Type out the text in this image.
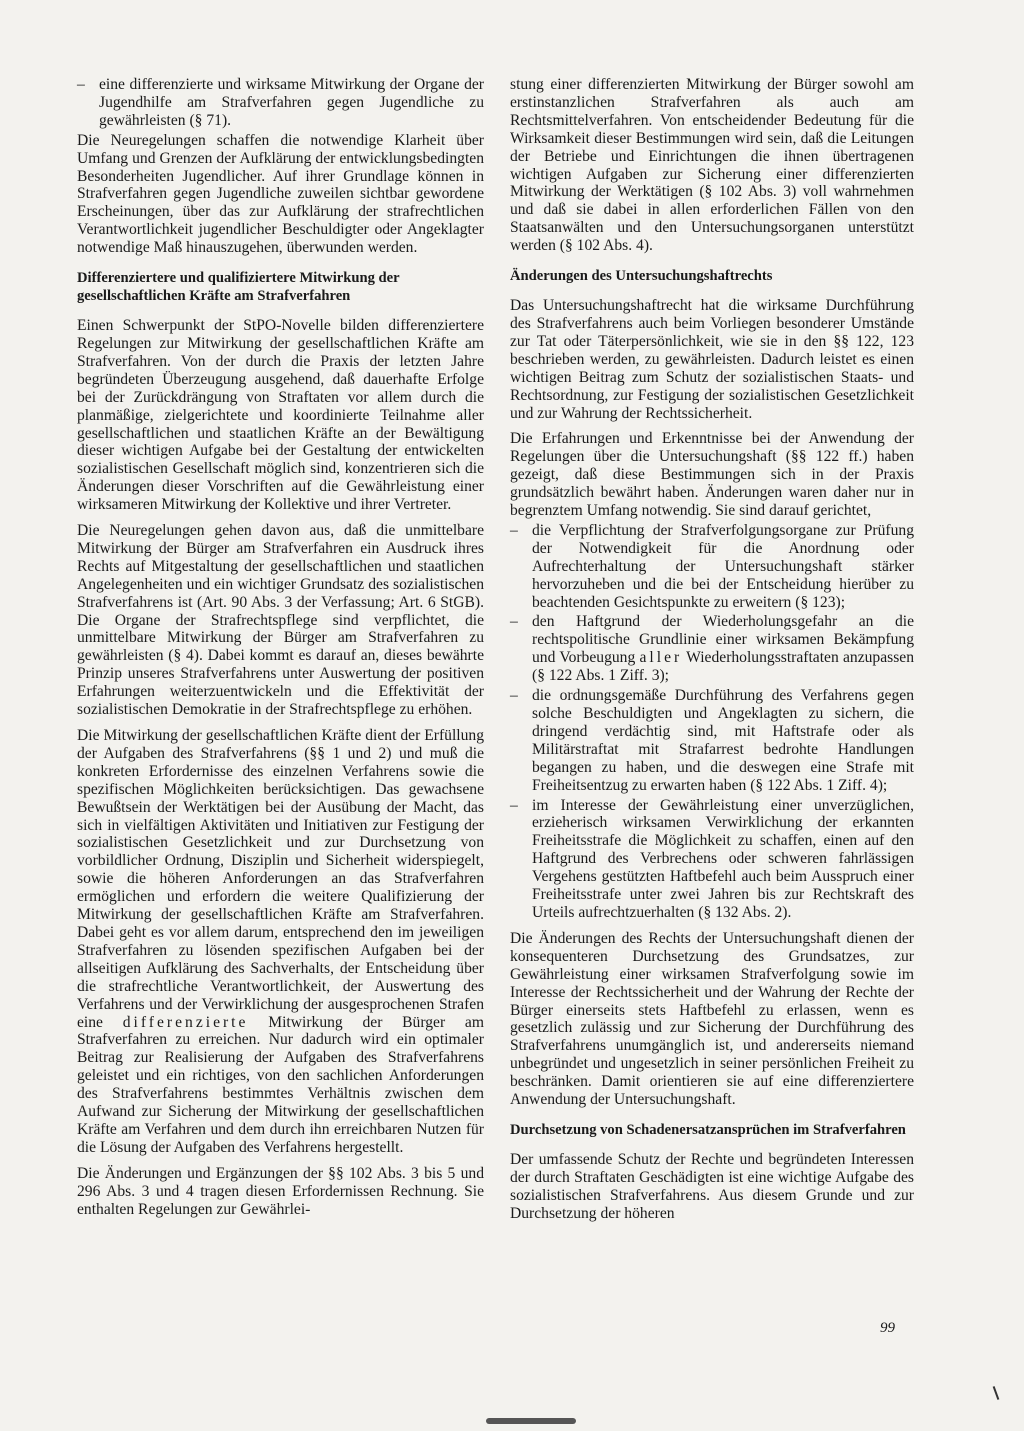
– eine differenzierte und wirksame Mitwirkung der Organe der Jugendhilfe am Strafverfahren gegen Jugendliche zu gewährleisten (§ 71).

Die Neuregelungen schaffen die notwendige Klarheit über Umfang und Grenzen der Aufklärung der entwicklungsbedingten Besonderheiten Jugendlicher. Auf ihrer Grundlage können in Strafverfahren gegen Jugendliche zuweilen sichtbar gewordene Erscheinungen, über das zur Aufklärung der strafrechtlichen Verantwortlichkeit jugendlicher Beschuldigter oder Angeklagter notwendige Maß hinauszugehen, überwunden werden.

Differenziertere und qualifiziertere Mitwirkung der gesellschaftlichen Kräfte am Strafverfahren

Einen Schwerpunkt der StPO-Novelle bilden differenziertere Regelungen zur Mitwirkung der gesellschaftlichen Kräfte am Strafverfahren. Von der durch die Praxis der letzten Jahre begründeten Überzeugung ausgehend, daß dauerhafte Erfolge bei der Zurückdrängung von Straftaten vor allem durch die planmäßige, zielgerichtete und koordinierte Teilnahme aller gesellschaftlichen und staatlichen Kräfte an der Bewältigung dieser wichtigen Aufgabe bei der Gestaltung der entwickelten sozialistischen Gesellschaft möglich sind, konzentrieren sich die Änderungen dieser Vorschriften auf die Gewährleistung einer wirksameren Mitwirkung der Kollektive und ihrer Vertreter.

Die Neuregelungen gehen davon aus, daß die unmittelbare Mitwirkung der Bürger am Strafverfahren ein Ausdruck ihres Rechts auf Mitgestaltung der gesellschaftlichen und staatlichen Angelegenheiten und ein wichtiger Grundsatz des sozialistischen Strafverfahrens ist (Art. 90 Abs. 3 der Verfassung; Art. 6 StGB). Die Organe der Strafrechtspflege sind verpflichtet, die unmittelbare Mitwirkung der Bürger am Strafverfahren zu gewährleisten (§ 4). Dabei kommt es darauf an, dieses bewährte Prinzip unseres Strafverfahrens unter Auswertung der positiven Erfahrungen weiterzuentwickeln und die Effektivität der sozialistischen Demokratie in der Strafrechtspflege zu erhöhen.

Die Mitwirkung der gesellschaftlichen Kräfte dient der Erfüllung der Aufgaben des Strafverfahrens (§§ 1 und 2) und muß die konkreten Erfordernisse des einzelnen Verfahrens sowie die spezifischen Möglichkeiten berücksichtigen. Das gewachsene Bewußtsein der Werktätigen bei der Ausübung der Macht, das sich in vielfältigen Aktivitäten und Initiativen zur Festigung der sozialistischen Gesetzlichkeit und zur Durchsetzung von vorbildlicher Ordnung, Disziplin und Sicherheit widerspiegelt, sowie die höheren Anforderungen an das Strafverfahren ermöglichen und erfordern die weitere Qualifizierung der Mitwirkung der gesellschaftlichen Kräfte am Strafverfahren. Dabei geht es vor allem darum, entsprechend den im jeweiligen Strafverfahren zu lösenden spezifischen Aufgaben bei der allseitigen Aufklärung des Sachverhalts, der Entscheidung über die strafrechtliche Verantwortlichkeit, der Auswertung des Verfahrens und der Verwirklichung der ausgesprochenen Strafen eine differenzierte Mitwirkung der Bürger am Strafverfahren zu erreichen. Nur dadurch wird ein optimaler Beitrag zur Realisierung der Aufgaben des Strafverfahrens geleistet und ein richtiges, von den sachlichen Anforderungen des Strafverfahrens bestimmtes Verhältnis zwischen dem Aufwand zur Sicherung der Mitwirkung der gesellschaftlichen Kräfte am Verfahren und dem durch ihn erreichbaren Nutzen für die Lösung der Aufgaben des Verfahrens hergestellt.

Die Änderungen und Ergänzungen der §§ 102 Abs. 3 bis 5 und 296 Abs. 3 und 4 tragen diesen Erfordernissen Rechnung. Sie enthalten Regelungen zur Gewährlei-

stung einer differenzierten Mitwirkung der Bürger sowohl am erstinstanzlichen Strafverfahren als auch am Rechtsmittelverfahren. Von entscheidender Bedeutung für die Wirksamkeit dieser Bestimmungen wird sein, daß die Leitungen der Betriebe und Einrichtungen die ihnen übertragenen wichtigen Aufgaben zur Sicherung einer differenzierten Mitwirkung der Werktätigen (§ 102 Abs. 3) voll wahrnehmen und daß sie dabei in allen erforderlichen Fällen von den Staatsanwälten und den Untersuchungsorganen unterstützt werden (§ 102 Abs. 4).

Änderungen des Untersuchungshaftrechts

Das Untersuchungshaftrecht hat die wirksame Durchführung des Strafverfahrens auch beim Vorliegen besonderer Umstände zur Tat oder Täterpersönlichkeit, wie sie in den §§ 122, 123 beschrieben werden, zu gewährleisten. Dadurch leistet es einen wichtigen Beitrag zum Schutz der sozialistischen Staats- und Rechtsordnung, zur Festigung der sozialistischen Gesetzlichkeit und zur Wahrung der Rechtssicherheit.

Die Erfahrungen und Erkenntnisse bei der Anwendung der Regelungen über die Untersuchungshaft (§§ 122 ff.) haben gezeigt, daß diese Bestimmungen sich in der Praxis grundsätzlich bewährt haben. Änderungen waren daher nur in begrenztem Umfang notwendig. Sie sind darauf gerichtet,

– die Verpflichtung der Strafverfolgungsorgane zur Prüfung der Notwendigkeit für die Anordnung oder Aufrechterhaltung der Untersuchungshaft stärker hervorzuheben und die bei der Entscheidung hierüber zu beachtenden Gesichtspunkte zu erweitern (§ 123);
– den Haftgrund der Wiederholungsgefahr an die rechtspolitische Grundlinie einer wirksamen Bekämpfung und Vorbeugung aller Wiederholungsstraftaten anzupassen (§ 122 Abs. 1 Ziff. 3);
– die ordnungsgemäße Durchführung des Verfahrens gegen solche Beschuldigten und Angeklagten zu sichern, die dringend verdächtig sind, mit Haftstrafe oder als Militärstraftat mit Strafarrest bedrohte Handlungen begangen zu haben, und die deswegen eine Strafe mit Freiheitsentzug zu erwarten haben (§ 122 Abs. 1 Ziff. 4);
– im Interesse der Gewährleistung einer unverzüglichen, erzieherisch wirksamen Verwirklichung der erkannten Freiheitsstrafe die Möglichkeit zu schaffen, einen auf den Haftgrund des Verbrechens oder schweren fahrlässigen Vergehens gestützten Haftbefehl auch beim Ausspruch einer Freiheitsstrafe unter zwei Jahren bis zur Rechtskraft des Urteils aufrechtzuerhalten (§ 132 Abs. 2).

Die Änderungen des Rechts der Untersuchungshaft dienen der konsequenteren Durchsetzung des Grundsatzes, zur Gewährleistung einer wirksamen Strafverfolgung sowie im Interesse der Rechtssicherheit und der Wahrung der Rechte der Bürger einerseits stets Haftbefehl zu erlassen, wenn es gesetzlich zulässig und zur Sicherung der Durchführung des Strafverfahrens unumgänglich ist, und andererseits niemand unbegründet und ungesetzlich in seiner persönlichen Freiheit zu beschränken. Damit orientieren sie auf eine differenziertere Anwendung der Untersuchungshaft.

Durchsetzung von Schadenersatzansprüchen im Strafverfahren

Der umfassende Schutz der Rechte und begründeten Interessen der durch Straftaten Geschädigten ist eine wichtige Aufgabe des sozialistischen Strafverfahrens. Aus diesem Grunde und zur Durchsetzung der höheren

99
